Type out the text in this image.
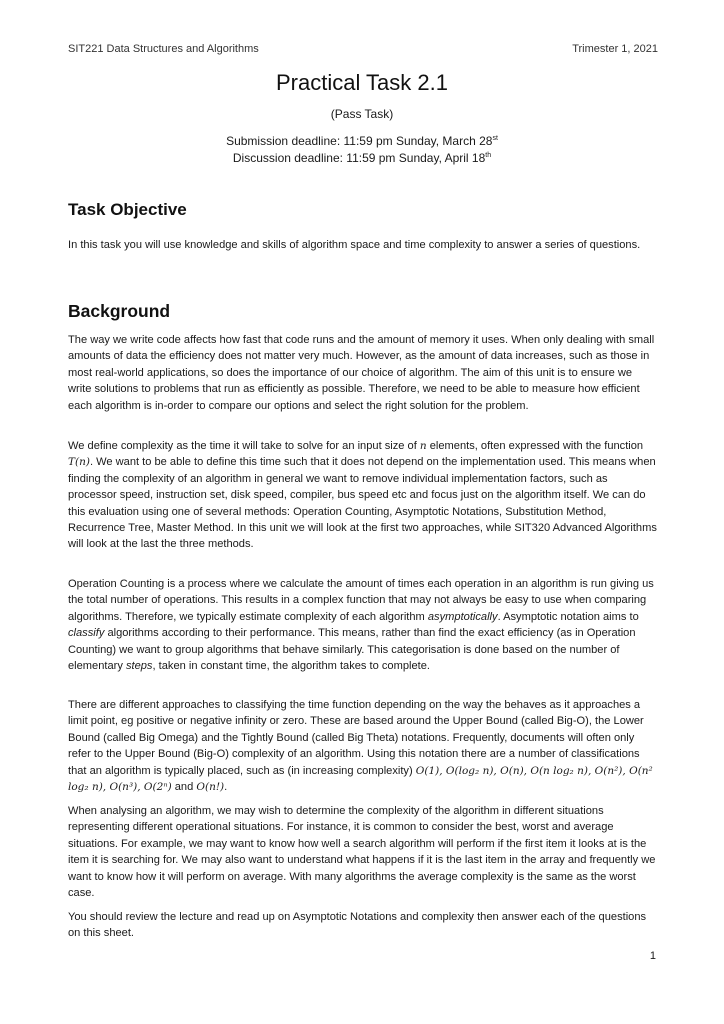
SIT221 Data Structures and Algorithms	Trimester 1, 2021
Practical Task 2.1
(Pass Task)
Submission deadline: 11:59 pm Sunday, March 28st
Discussion deadline: 11:59 pm Sunday, April 18th
Task Objective
In this task you will use knowledge and skills of algorithm space and time complexity to answer a series of questions.
Background
The way we write code affects how fast that code runs and the amount of memory it uses. When only dealing with small amounts of data the efficiency does not matter very much. However, as the amount of data increases, such as those in most real-world applications, so does the importance of our choice of algorithm. The aim of this unit is to ensure we write solutions to problems that run as efficiently as possible. Therefore, we need to be able to measure how efficient each algorithm is in-order to compare our options and select the right solution for the problem.
We define complexity as the time it will take to solve for an input size of n elements, often expressed with the function T(n). We want to be able to define this time such that it does not depend on the implementation used. This means when finding the complexity of an algorithm in general we want to remove individual implementation factors, such as processor speed, instruction set, disk speed, compiler, bus speed etc and focus just on the algorithm itself. We can do this evaluation using one of several methods: Operation Counting, Asymptotic Notations, Substitution Method, Recurrence Tree, Master Method. In this unit we will look at the first two approaches, while SIT320 Advanced Algorithms will look at the last the three methods.
Operation Counting is a process where we calculate the amount of times each operation in an algorithm is run giving us the total number of operations. This results in a complex function that may not always be easy to use when comparing algorithms. Therefore, we typically estimate complexity of each algorithm asymptotically. Asymptotic notation aims to classify algorithms according to their performance. This means, rather than find the exact efficiency (as in Operation Counting) we want to group algorithms that behave similarly. This categorisation is done based on the number of elementary steps, taken in constant time, the algorithm takes to complete.
There are different approaches to classifying the time function depending on the way the behaves as it approaches a limit point, eg positive or negative infinity or zero. These are based around the Upper Bound (called Big-O), the Lower Bound (called Big Omega) and the Tightly Bound (called Big Theta) notations. Frequently, documents will often only refer to the Upper Bound (Big-O) complexity of an algorithm. Using this notation there are a number of classifications that an algorithm is typically placed, such as (in increasing complexity) O(1), O(log₂ n), O(n), O(n log₂ n), O(n²), O(n² log₂ n), O(n³), O(2ⁿ) and O(n!).
When analysing an algorithm, we may wish to determine the complexity of the algorithm in different situations representing different operational situations. For instance, it is common to consider the best, worst and average situations. For example, we may want to know how well a search algorithm will perform if the first item it looks at is the item it is searching for. We may also want to understand what happens if it is the last item in the array and frequently we want to know how it will perform on average. With many algorithms the average complexity is the same as the worst case.
You should review the lecture and read up on Asymptotic Notations and complexity then answer each of the questions on this sheet.
1
